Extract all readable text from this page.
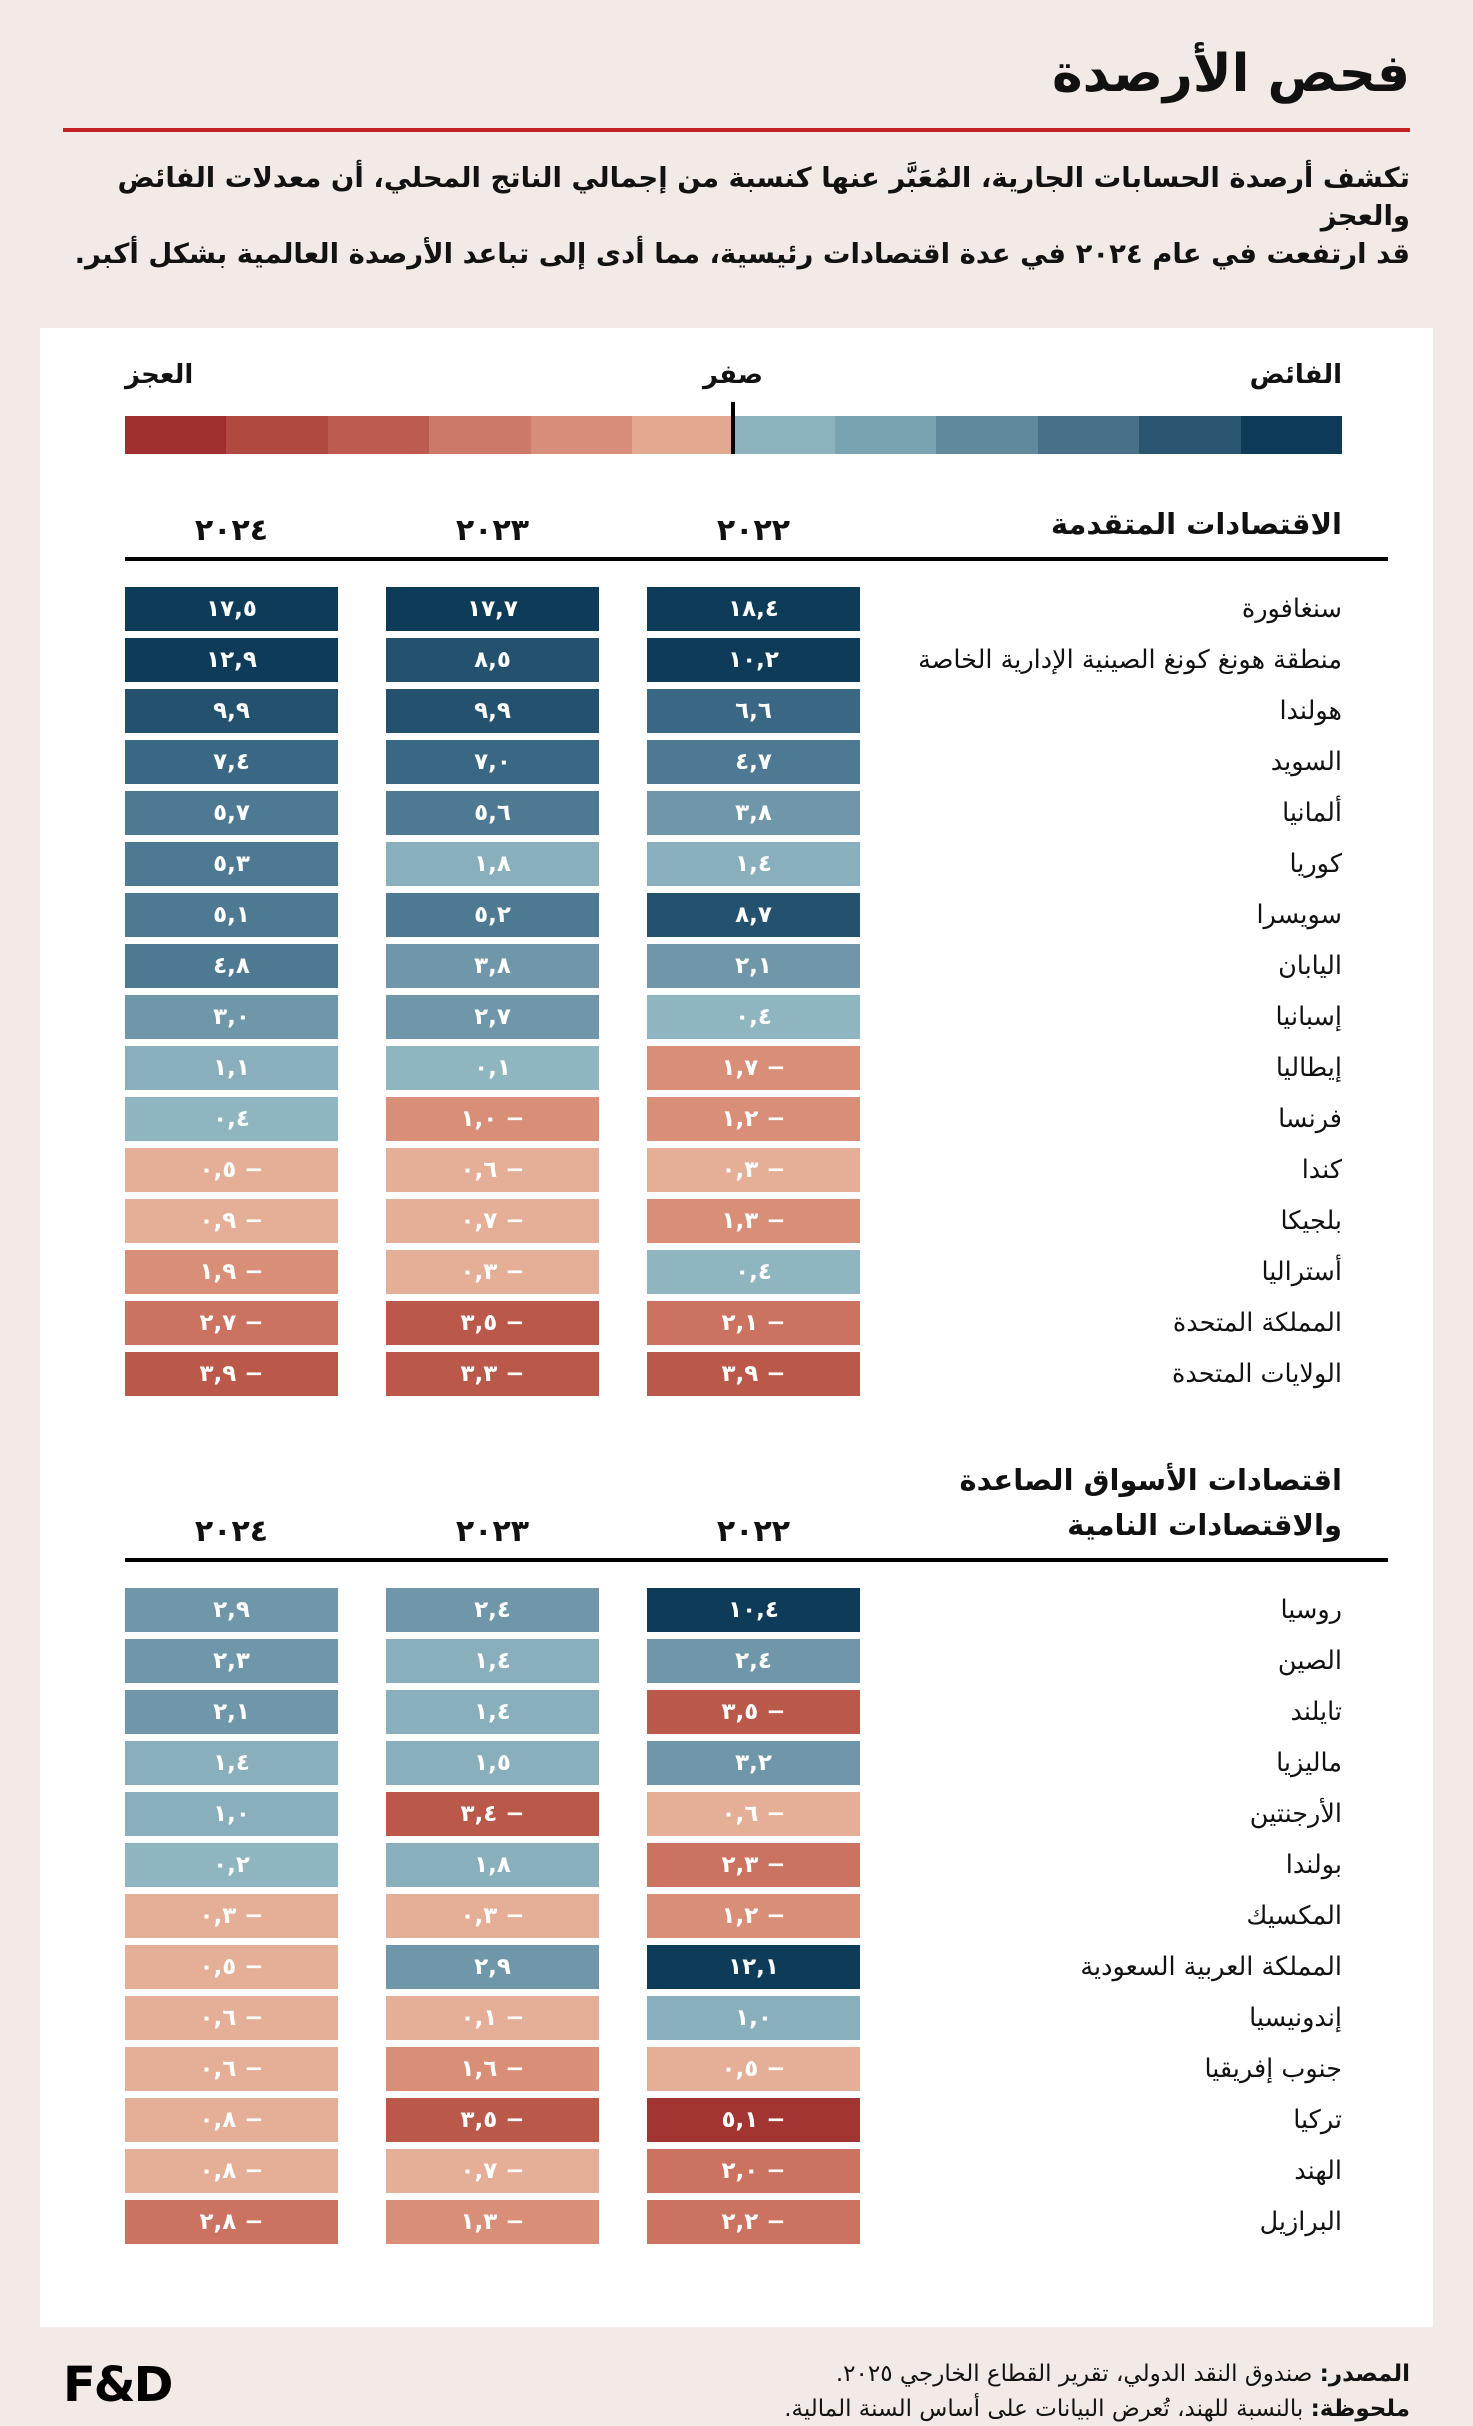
فحص الأرصدة

تكشف أرصدة الحسابات الجارية، المُعَبَّر عنها كنسبة من إجمالي الناتج المحلي، أن معدلات الفائض والعجز
قد ارتفعت في عام ٢٠٢٤ في عدة اقتصادات رئيسية، مما أدى إلى تباعد الأرصدة العالمية بشكل أكبر.

العجز	صفر	الفائض
الاقتصادات المتقدمة
٢٠٢٤	٢٠٢٣	٢٠٢٢
١٧,٥	١٧,٧	١٨,٤	سنغافورة
١٢,٩	٨,٥	١٠,٢	منطقة هونغ كونغ الصينية الإدارية الخاصة
٩,٩	٩,٩	٦,٦	هولندا
٧,٤	٧,٠	٤,٧	السويد
٥,٧	٥,٦	٣,٨	ألمانيا
٥,٣	١,٨	١,٤	كوريا
٥,١	٥,٢	٨,٧	سويسرا
٤,٨	٣,٨	٢,١	اليابان
٣,٠	٢,٧	٠,٤	إسبانيا
١,١	٠,١	١,٧ −	إيطاليا
٠,٤	١,٠ −	١,٢ −	فرنسا
٠,٥ −	٠,٦ −	٠,٣ −	كندا
٠,٩ −	٠,٧ −	١,٣ −	بلجيكا
١,٩ −	٠,٣ −	٠,٤	أستراليا
٢,٧ −	٣,٥ −	٢,١ −	المملكة المتحدة
٣,٩ −	٣,٣ −	٣,٩ −	الولايات المتحدة
اقتصادات الأسواق الصاعدة
والاقتصادات النامية
٢٠٢٤	٢٠٢٣	٢٠٢٢
٢,٩	٢,٤	١٠,٤	روسيا
٢,٣	١,٤	٢,٤	الصين
٢,١	١,٤	٣,٥ −	تايلند
١,٤	١,٥	٣,٢	ماليزيا
١,٠	٣,٤ −	٠,٦ −	الأرجنتين
٠,٢	١,٨	٢,٣ −	بولندا
٠,٣ −	٠,٣ −	١,٢ −	المكسيك
٠,٥ −	٢,٩	١٢,١	المملكة العربية السعودية
٠,٦ −	٠,١ −	١,٠	إندونيسيا
٠,٦ −	١,٦ −	٠,٥ −	جنوب إفريقيا
٠,٨ −	٣,٥ −	٥,١ −	تركيا
٠,٨ −	٠,٧ −	٢,٠ −	الهند
٢,٨ −	١,٣ −	٢,٢ −	البرازيل
F&D	المصدر: صندوق النقد الدولي، تقرير القطاع الخارجي ٢٠٢٥.
ملحوظة: بالنسبة للهند، تُعرض البيانات على أساس السنة المالية.
